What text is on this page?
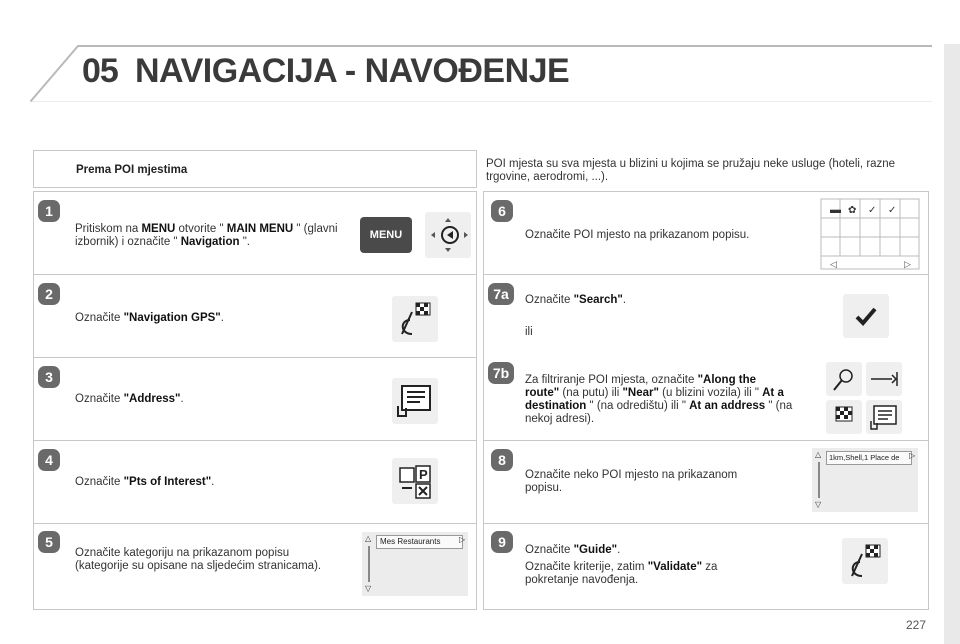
05 NAVIGACIJA - NAVOĐENJE
Prema POI mjestima	POI mjesta su sva mjesta u blizini u kojima se pružaju neke usluge (hoteli, razne trgovine, aerodromi, ...).
1
Pritiskom na MENU otvorite " MAIN MENU " (glavni izbornik) i označite " Navigation ".
MENU
2
Označite "Navigation GPS".
3
Označite "Address".
4
Označite "Pts of Interest".	P
5
Označite kategoriju na prikazanom popisu (kategorije su opisane na sljedećim stranicama).
△
▽
Mes Restaurants	▷
6
Označite POI mjesto na prikazanom popisu.
▬ ✿ ✓ ✓
◁	▷
7a	Označite "Search".
ili
7b	Za filtriranje POI mjesta, označite "Along the route" (na putu) ili "Near" (u blizini vozila) ili " At a destination " (na odredištu) ili " At an address " (na nekoj adresi).
8
Označite neko POI mjesto na prikazanom popisu.
△
▽
1km,Shell,1 Place de	▷
9	Označite "Guide".
Označite kriterije, zatim "Validate" za pokretanje navođenja.
227
